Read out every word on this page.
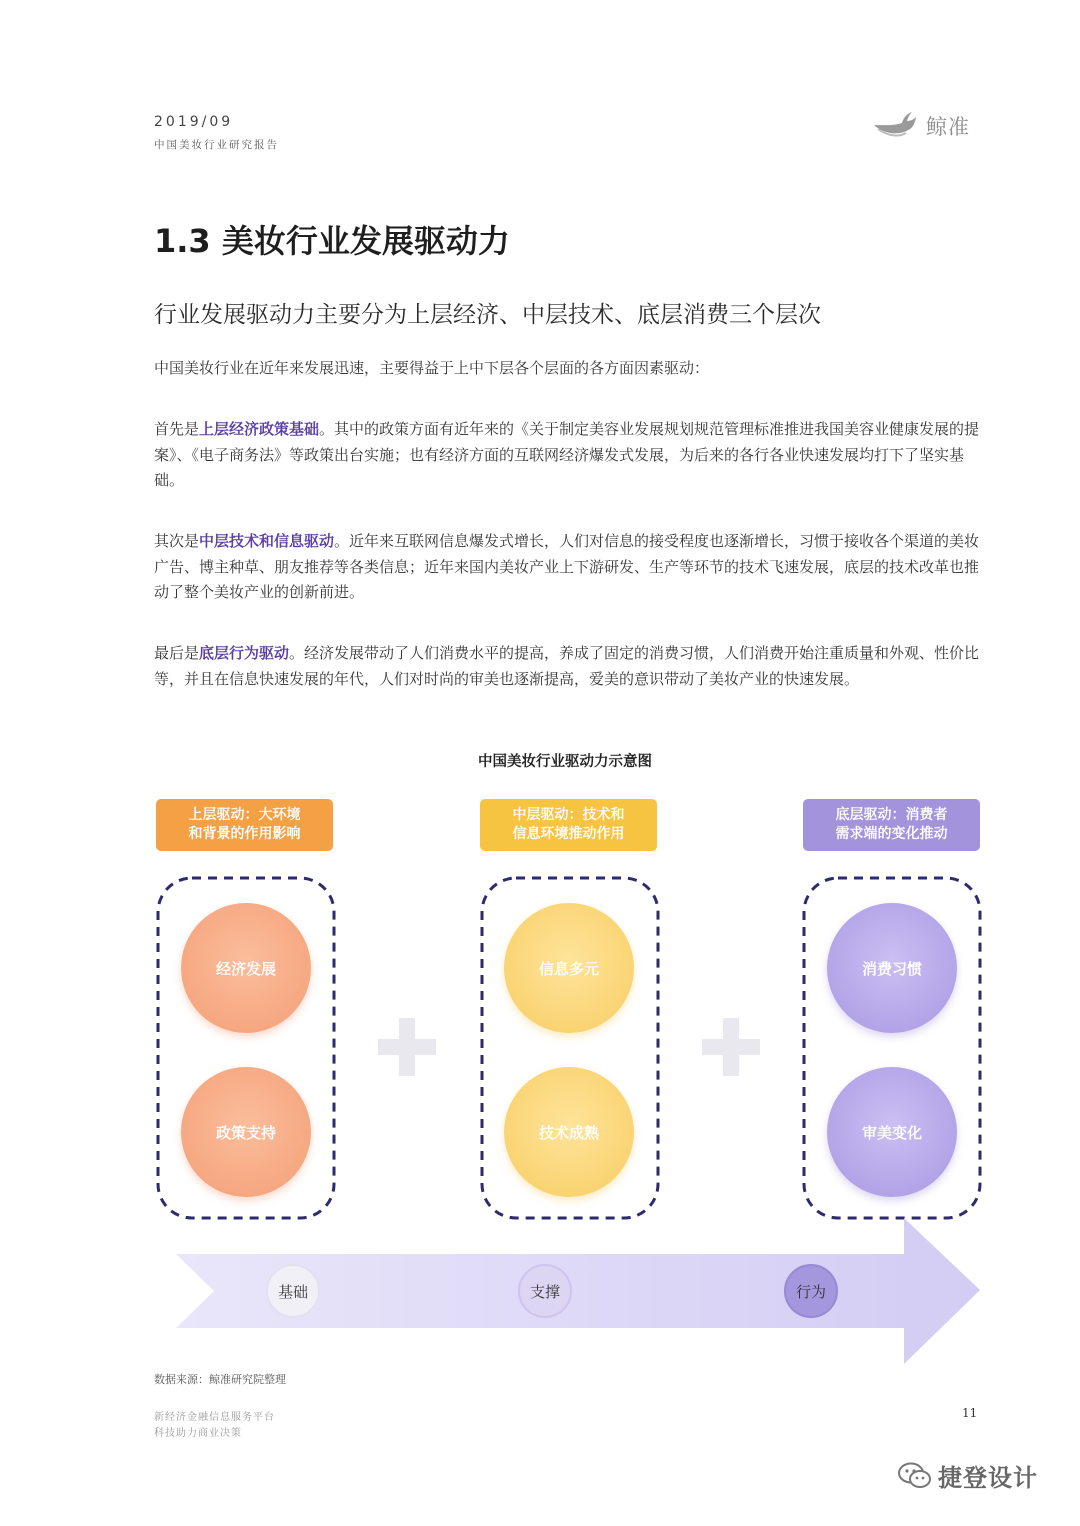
2019/09
中国美妆行业研究报告
鲸准
1.3 美妆行业发展驱动力
行业发展驱动力主要分为上层经济、中层技术、底层消费三个层次
中国美妆行业在近年来发展迅速，主要得益于上中下层各个层面的各方面因素驱动：
首先是上层经济政策基础。其中的政策方面有近年来的《关于制定美容业发展规划规范管理标准推进我国美容业健康发展的提案》、《电子商务法》等政策出台实施；也有经济方面的互联网经济爆发式发展，为后来的各行各业快速发展均打下了坚实基础。
其次是中层技术和信息驱动。近年来互联网信息爆发式增长，人们对信息的接受程度也逐渐增长，习惯于接收各个渠道的美妆广告、博主种草、朋友推荐等各类信息；近年来国内美妆产业上下游研发、生产等环节的技术飞速发展，底层的技术改革也推动了整个美妆产业的创新前进。
最后是底层行为驱动。经济发展带动了人们消费水平的提高，养成了固定的消费习惯，人们消费开始注重质量和外观、性价比等，并且在信息快速发展的年代，人们对时尚的审美也逐渐提高，爱美的意识带动了美妆产业的快速发展。
中国美妆行业驱动力示意图
上层驱动：大环境
和背景的作用影响
中层驱动：技术和
信息环境推动作用
底层驱动：消费者
需求端的变化推动
经济发展
政策支持
信息多元
技术成熟
消费习惯
审美变化
基础	支撑	行为
数据来源：鲸准研究院整理
新经济金融信息服务平台
科技助力商业决策
11
捷登设计
